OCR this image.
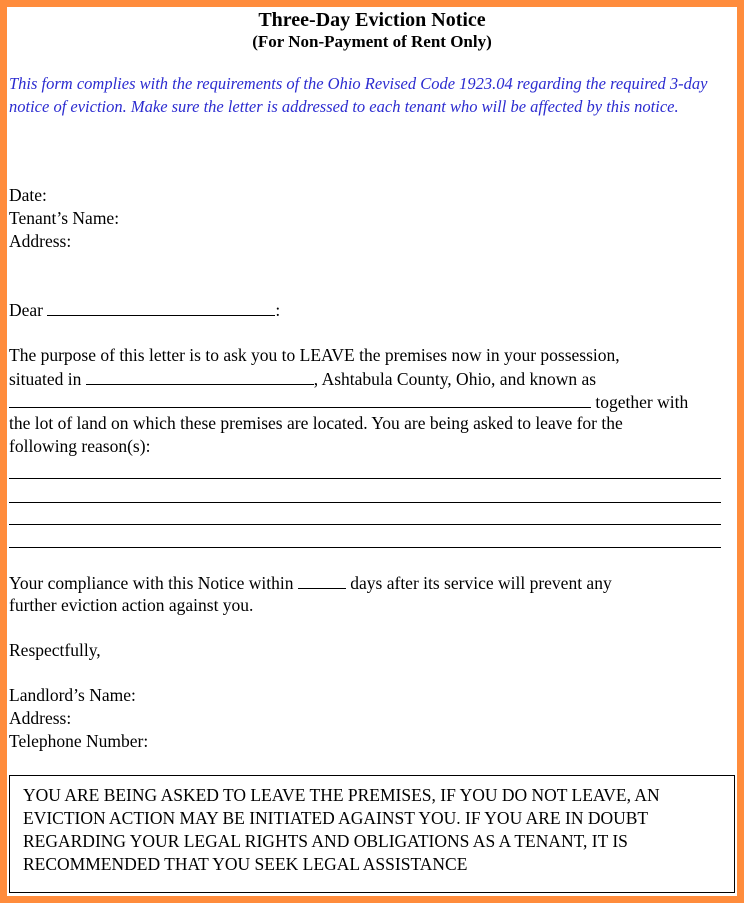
Three-Day Eviction Notice
(For Non-Payment of Rent Only)
This form complies with the requirements of the Ohio Revised Code 1923.04 regarding the required 3-day notice of eviction. Make sure the letter is addressed to each tenant who will be affected by this notice.
Date:
Tenant’s Name:
Address:
Dear	:
The purpose of this letter is to ask you to LEAVE the premises now in your possession,
situated in	, Ashtabula County, Ohio, and known as
together with
the lot of land on which these premises are located. You are being asked to leave for the
following reason(s):
Your compliance with this Notice within	days after its service will prevent any
further eviction action against you.
Respectfully,
Landlord’s Name:
Address:
Telephone Number:
YOU ARE BEING ASKED TO LEAVE THE PREMISES, IF YOU DO NOT LEAVE, AN EVICTION ACTION MAY BE INITIATED AGAINST YOU. IF YOU ARE IN DOUBT REGARDING YOUR LEGAL RIGHTS AND OBLIGATIONS AS A TENANT, IT IS RECOMMENDED THAT YOU SEEK LEGAL ASSISTANCE
